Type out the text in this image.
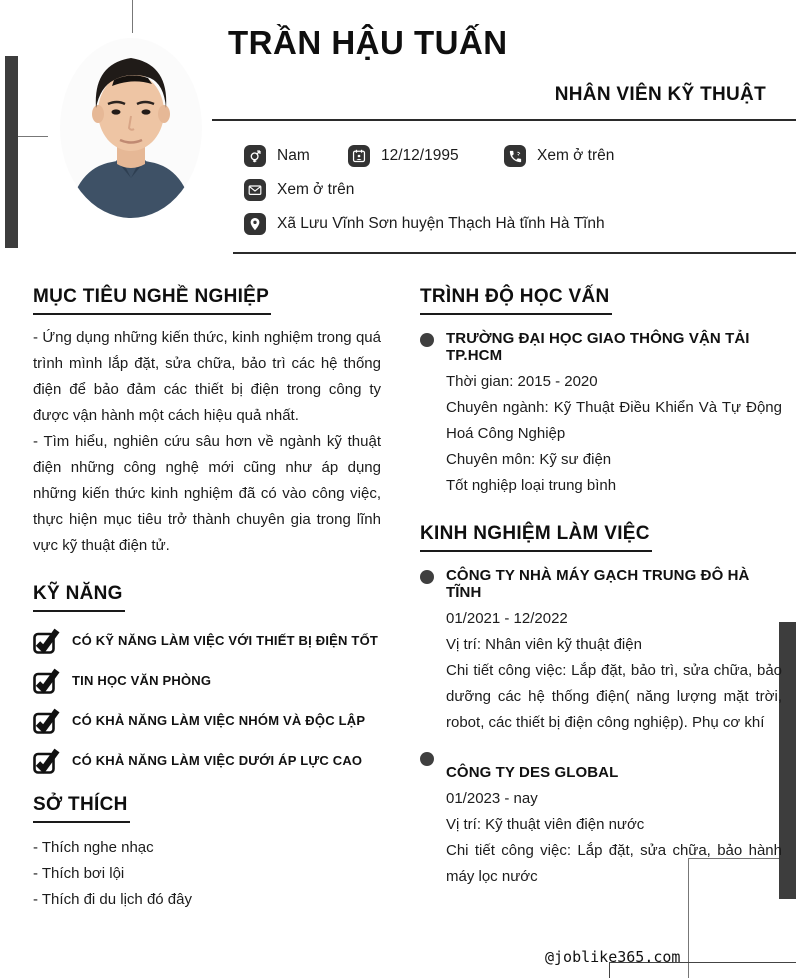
TRẦN HẬU TUẤN
NHÂN VIÊN KỸ THUẬT
Nam	12/12/1995	Xem ở trên
Xem ở trên
Xã Lưu Vĩnh Sơn huyện Thạch Hà tĩnh Hà Tĩnh
MỤC TIÊU NGHỀ NGHIỆP

- Ứng dụng những kiến thức, kinh nghiệm trong quá trình mình lắp đặt, sửa chữa, bảo trì các hệ thống điện để bảo đảm các thiết bị điện trong công ty được vận hành một cách hiệu quả nhất.

- Tìm hiểu, nghiên cứu sâu hơn về ngành kỹ thuật điện những công nghệ mới cũng như áp dụng những kiến thức kinh nghiệm đã có vào công việc, thực hiện mục tiêu trở thành chuyên gia trong lĩnh vực kỹ thuật điện tử.

KỸ NĂNG
CÓ KỸ NĂNG LÀM VIỆC VỚI THIẾT BỊ ĐIỆN TỐT
TIN HỌC VĂN PHÒNG
CÓ KHẢ NĂNG LÀM VIỆC NHÓM VÀ ĐỘC LẬP
CÓ KHẢ NĂNG LÀM VIỆC DƯỚI ÁP LỰC CAO
SỞ THÍCH
- Thích nghe nhạc
- Thích bơi lội
- Thích đi du lịch đó đây
TRÌNH ĐỘ HỌC VẤN
TRƯỜNG ĐẠI HỌC GIAO THÔNG VẬN TẢI TP.HCM
Thời gian: 2015 - 2020
Chuyên ngành: Kỹ Thuật Điều Khiển Và Tự Động Hoá Công Nghiệp
Chuyên môn: Kỹ sư điện
Tốt nghiệp loại trung bình
KINH NGHIỆM LÀM VIỆC
CÔNG TY NHÀ MÁY GẠCH TRUNG ĐÔ HÀ TĨNH
01/2021 - 12/2022
Vị trí: Nhân viên kỹ thuật điện
Chi tiết công việc: Lắp đặt, bảo trì, sửa chữa, bảo dưỡng các hệ thống điện( năng lượng mặt trời, robot, các thiết bị điện công nghiệp). Phụ cơ khí
CÔNG TY DES GLOBAL
01/2023 - nay
Vị trí: Kỹ thuật viên điện nước
Chi tiết công việc: Lắp đặt, sửa chữa, bảo hành máy lọc nước
@joblike365.com
